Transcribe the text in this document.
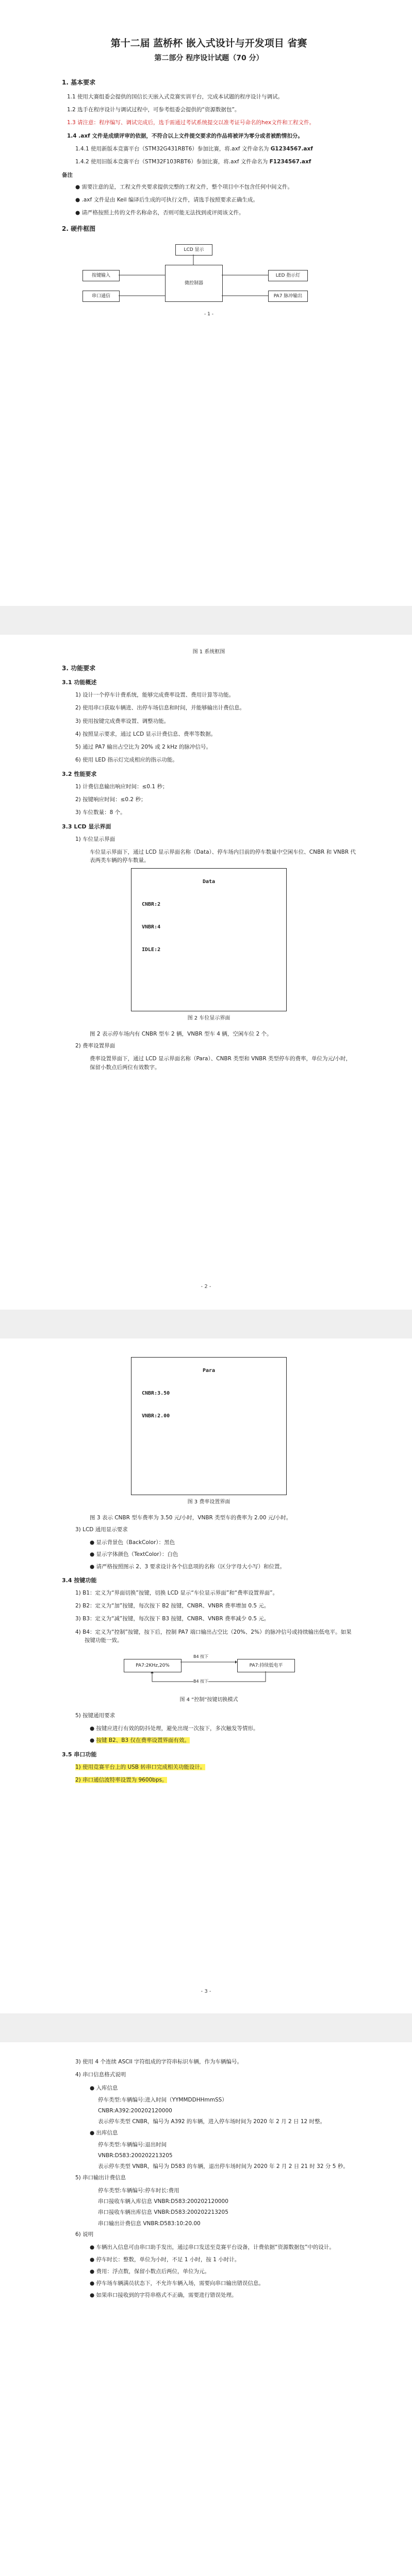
第十二届 蓝桥杯 嵌入式设计与开发项目 省赛
第二部分 程序设计试题（70 分）
1. 基本要求
1.1 使用大赛组委会提供的国信长天嵌入式竞赛实训平台，完成本试题的程序设计与调试。
1.2 选手在程序设计与调试过程中，可参考组委会提供的“资源数据包”。
1.3 请注意：程序编写、调试完成后，选手需通过考试系统提交以准考证号命名的hex文件和工程文件。
1.4 .axf 文件是成绩评审的依据，不符合以上文件提交要求的作品将被评为零分或者被酌情扣分。
1.4.1 使用新版本竞赛平台（STM32G431RBT6）参加比赛，将.axf 文件命名为 G1234567.axf
1.4.2 使用旧版本竞赛平台（STM32F103RBT6）参加比赛，将.axf 文件命名为 F1234567.axf
备注
● 需要注意的是，工程文件夹要求提供完整的工程文件，整个项目中不包含任何中间文件。
● .axf 文件是由 Keil 编译后生成的可执行文件，请选手按照要求正确生成。
● 请严格按照上传的文件名称命名，否则可能无法找到或评阅该文件。
2. 硬件框图
LCD 显示
按键输入
微控制器
LED 指示灯
串口通信	PA7 脉冲输出
- 1 -
图 1 系统框图
3. 功能要求
3.1 功能概述
1) 设计一个停车计费系统，能够完成费率设置、费用计算等功能。
2) 使用串口获取车辆进、出停车场信息和时间，并能够输出计费信息。
3) 使用按键完成费率设置、调整功能。
4) 按照显示要求，通过 LCD 显示计费信息、费率等数据。
5) 通过 PA7 输出占空比为 20% 或 2 kHz 的脉冲信号。
6) 使用 LED 指示灯完成相应的指示功能。
3.2 性能要求
1) 计费信息输出响应时间：≤0.1 秒；
2) 按键响应时间：≤0.2 秒；
3) 车位数量：8 个。
3.3 LCD 显示界面
1) 车位显示界面
车位显示界面下，通过 LCD 显示界面名称（Data）、停车场内目前的停车数量中空闲车位、CNBR 和 VNBR 代表两类车辆的停车数量。
Data
CNBR:2
VNBR:4
IDLE:2
图 2 车位显示界面
图 2 表示停车场内有 CNBR 型车 2 辆，VNBR 型车 4 辆，空闲车位 2 个。
2) 费率设置界面
费率设置界面下，通过 LCD 显示界面名称（Para）、CNBR 类型和 VNBR 类型停车的费率，单位为元/小时，保留小数点后两位有效数字。
- 2 -
Para
CNBR:3.50
VNBR:2.00
图 3 费率设置界面
图 3 表示 CNBR 型车费率为 3.50 元/小时，VNBR 类型车的费率为 2.00 元/小时。
3) LCD 通用显示要求
● 显示背景色（BackColor）：黑色
● 显示字体颜色（TextColor）：白色
● 请严格按照图示 2、3 要求设计各个信息项的名称（区分字母大小写）和位置。
3.4 按键功能
1) B1：定义为“界面切换”按键，切换 LCD 显示“车位显示界面”和“费率设置界面”。
2) B2：定义为“加”按键，每次按下 B2 按键，CNBR、VNBR 费率增加 0.5 元。
3) B3：定义为“减”按键，每次按下 B3 按键，CNBR、VNBR 费率减少 0.5 元。
4) B4：定义为“控制”按键，按下后，控制 PA7 端口输出占空比（20%、2%）的脉冲信号或持续输出低电平。如果按键功能一致。
PA7:2KHz,20%	PA7:持续低电平
B4 按下
B4 按下
图 4 “控制”按键切换模式
5) 按键通用要求
● 按键应进行有效的防抖处理，避免出现一次按下，多次触发等情形。
● 按键 B2、B3 仅在费率设置界面有效。
3.5 串口功能
1) 使用竞赛平台上的 USB 转串口完成相关功能设计。
2) 串口通信波特率设置为 9600bps。
- 3 -
3) 使用 4 个连续 ASCII 字符组成的字符串标识车辆，作为车辆编号。
4) 串口信息格式说明
● 入库信息
停车类型:车辆编号:进入时间（YYMMDDHHmmSS）
CNBR:A392:200202120000
表示停车类型 CNBR，编号为 A392 的车辆，进入停车场时间为 2020 年 2 月 2 日 12 时整。
● 出库信息
停车类型:车辆编号:退出时间
VNBR:D583:200202213205
表示停车类型 VNBR，编号为 D583 的车辆，退出停车场时间为 2020 年 2 月 2 日 21 时 32 分 5 秒。
5) 串口输出计费信息
停车类型:车辆编号:停车时长:费用
串口接收车辆入库信息 VNBR:D583:200202120000
串口接收车辆出库信息 VNBR:D583:200202213205
串口输出计费信息 VNBR:D583:10:20.00
6) 说明
● 车辆出入信息可由串口助手发出，通过串口发送至竞赛平台设备，计费依据“资源数据包”中的设计。
● 停车时长：整数，单位为小时，不足 1 小时，按 1 小时计。
● 费用：浮点数，保留小数点后两位，单位为元。
● 停车场车辆满员状态下，不允许车辆入场，需要向串口输出错误信息。
● 如果串口接收到的字符串格式不正确，需要进行错误处理。
